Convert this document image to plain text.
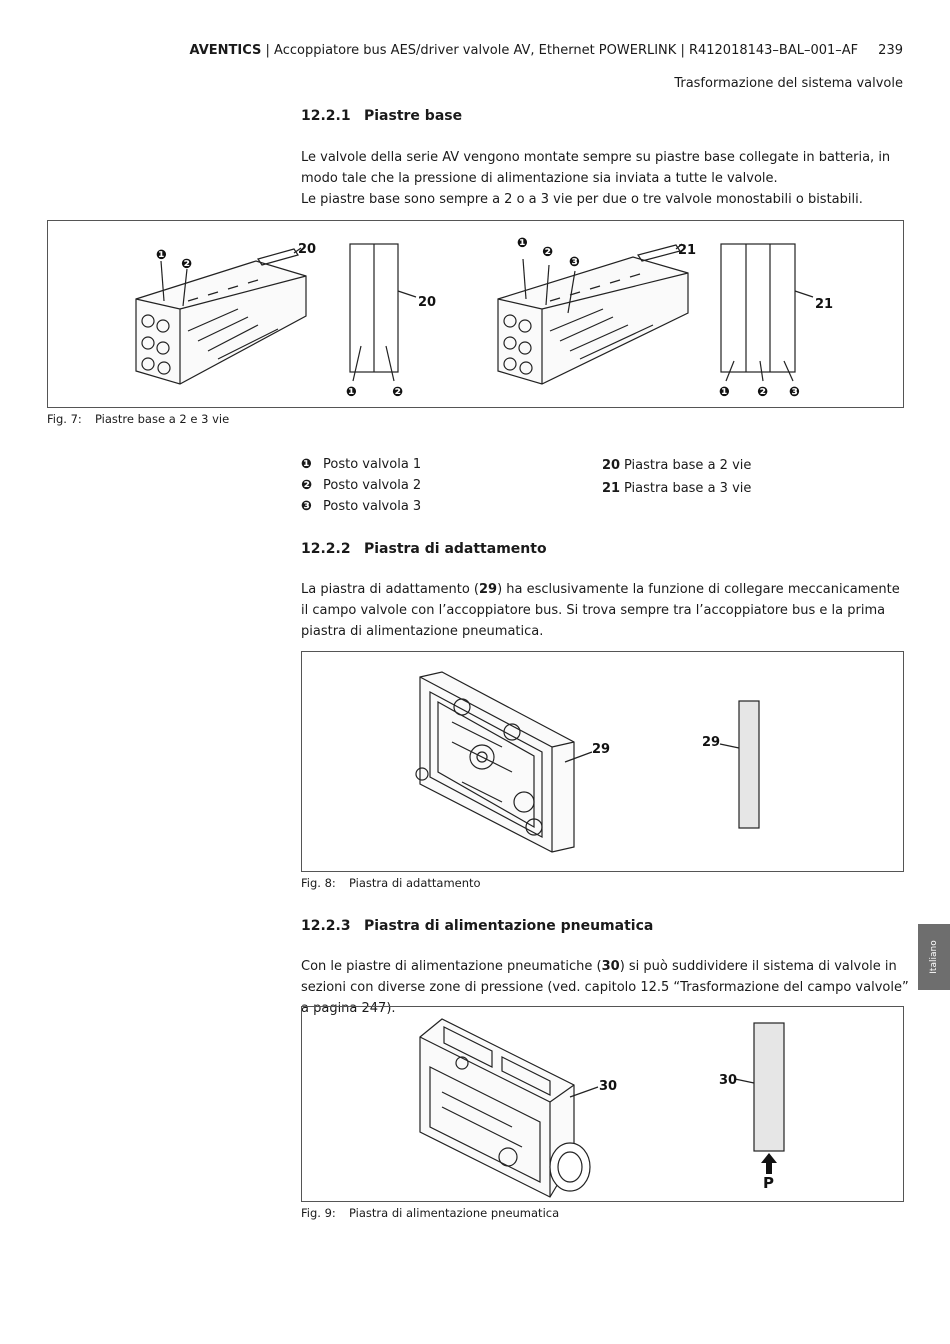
AVENTICS | Accoppiatore bus AES/driver valvole AV, Ethernet POWERLINK | R412018143–BAL–001–AF 239
Trasformazione del sistema valvole
12.2.1 Piastre base

Le valvole della serie AV vengono montate sempre su piastre base collegate in batteria, in modo tale che la pressione di alimentazione sia inviata a tutte le valvole.
Le piastre base sono sempre a 2 o a 3 vie per due o tre valvole monostabili o bistabili.

❶
❷
20
20
❶	❷
❶
❷
❸
21
21
❶ ❷ ❸
Fig. 7: Piastre base a 2 e 3 vie
❶ Posto valvola 1
❷ Posto valvola 2
❸ Posto valvola 3
20 Piastra base a 2 vie
21 Piastra base a 3 vie
12.2.2 Piastra di adattamento

La piastra di adattamento (29) ha esclusivamente la funzione di collegare meccanicamente il campo valvole con l’accoppiatore bus. Si trova sempre tra l’accoppiatore bus e la prima piastra di alimentazione pneumatica.

29	29
Fig. 8: Piastra di adattamento
12.2.3 Piastra di alimentazione pneumatica

Con le piastre di alimentazione pneumatiche (30) si può suddividere il sistema di valvole in sezioni con diverse zone di pressione (ved. capitolo 12.5 “Trasformazione del campo valvole” a pagina 247).

30	30
P
Fig. 9: Piastra di alimentazione pneumatica
Italiano
